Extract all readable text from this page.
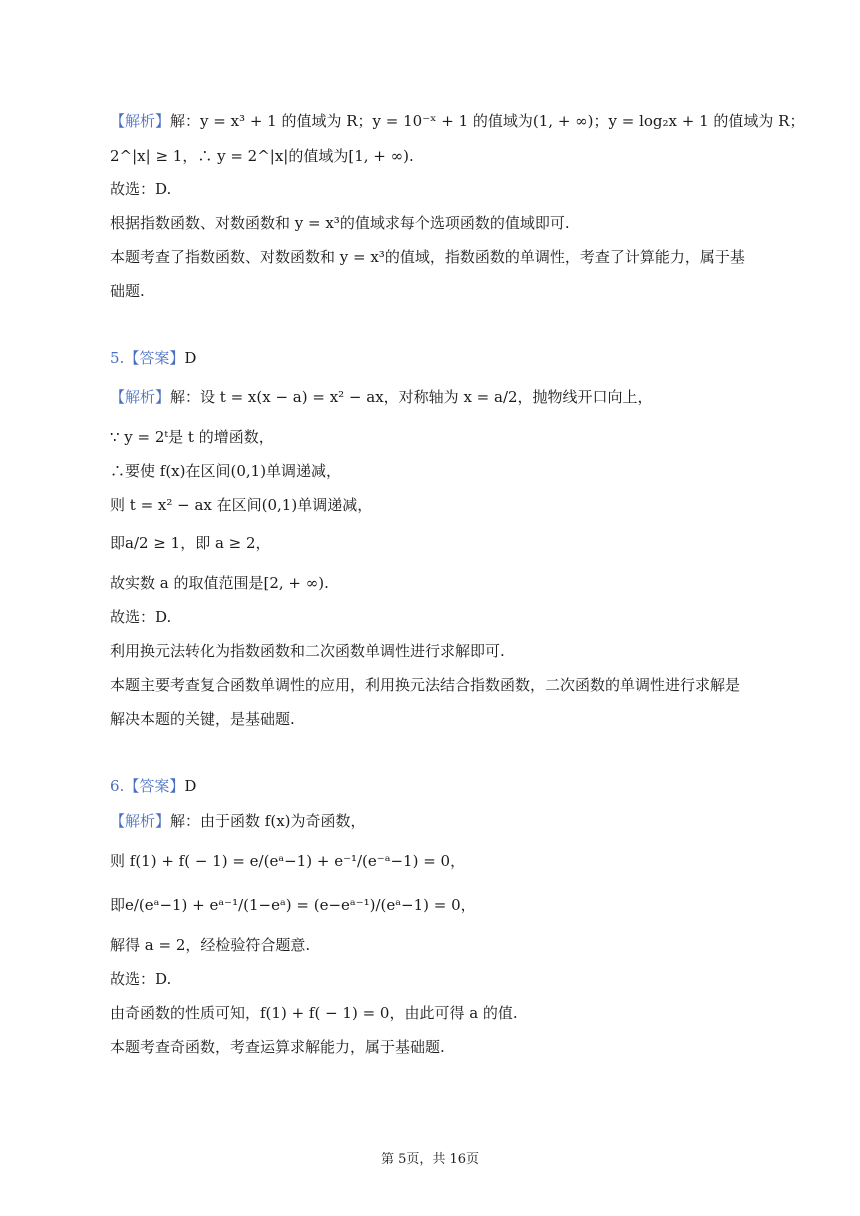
【解析】解：y = x³ + 1 的值域为 R；y = 10⁻ˣ + 1 的值域为(1, + ∞)；y = log₂x + 1 的值域为 R；
2^|x| ≥ 1，∴ y = 2^|x|的值域为[1, + ∞).
故选：D.
根据指数函数、对数函数和 y = x³的值域求每个选项函数的值域即可.
本题考查了指数函数、对数函数和 y = x³的值域，指数函数的单调性，考查了计算能力，属于基
础题.
5.【答案】D
【解析】解：设 t = x(x − a) = x² − ax，对称轴为 x = a/2，抛物线开口向上，
∵ y = 2ᵗ是 t 的增函数，
∴要使 f(x)在区间(0,1)单调递减，
则 t = x² − ax 在区间(0,1)单调递减，
即a/2 ≥ 1，即 a ≥ 2，
故实数 a 的取值范围是[2, + ∞).
故选：D.
利用换元法转化为指数函数和二次函数单调性进行求解即可.
本题主要考查复合函数单调性的应用，利用换元法结合指数函数，二次函数的单调性进行求解是
解决本题的关键，是基础题.
6.【答案】D
【解析】解：由于函数 f(x)为奇函数，
则 f(1) + f( − 1) = e/(eᵃ−1) + e⁻¹/(e⁻ᵃ−1) = 0，
即e/(eᵃ−1) + eᵃ⁻¹/(1−eᵃ) = (e−eᵃ⁻¹)/(eᵃ−1) = 0，
解得 a = 2，经检验符合题意.
故选：D.
由奇函数的性质可知，f(1) + f( − 1) = 0，由此可得 a 的值.
本题考查奇函数，考查运算求解能力，属于基础题.
第 5页，共 16页
